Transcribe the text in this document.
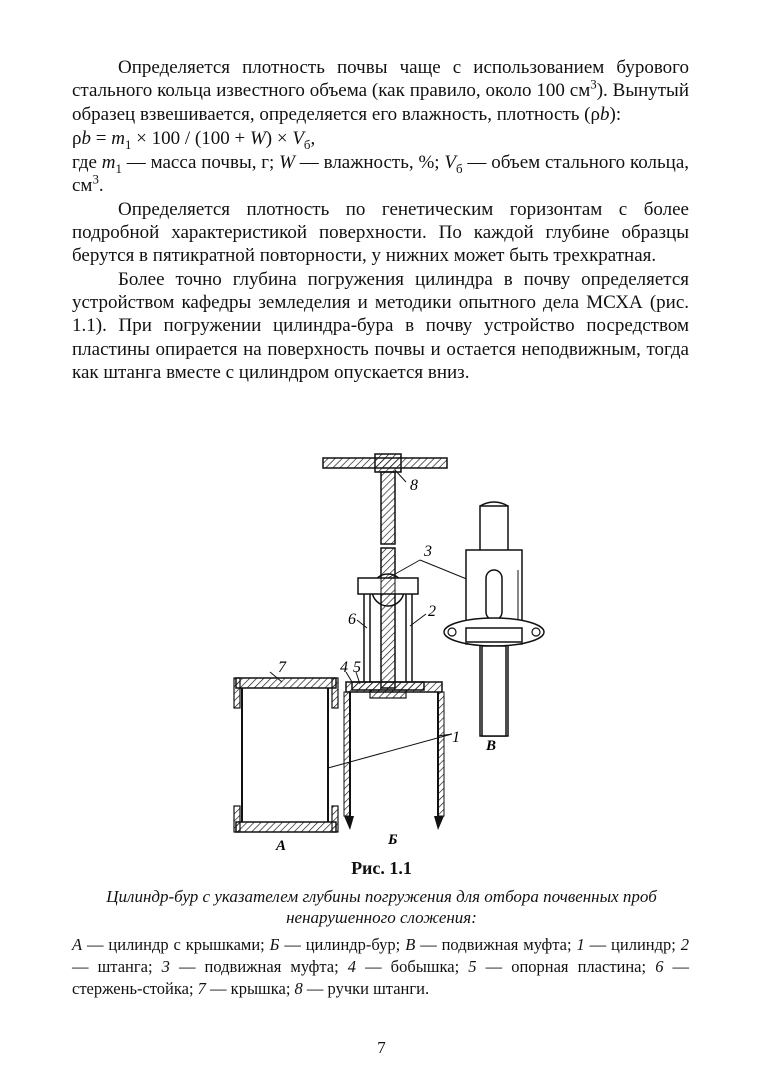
Определяется плотность почвы чаще с использованием бурового стального кольца известного объема (как правило, около 100 $см^3$). Вынутый образец взвешивается, определяется его влажность, плотность (ρb):

$\rho b = m_1 \times 100 / (100 + W) \times V_б$,

где $m_1$ — масса почвы, г; W — влажность, %; $V_б$ — объем стального кольца, $см^3$.

Определяется плотность по генетическим горизонтам с более подробной характеристикой поверхности. По каждой глубине образцы берутся в пятикратной повторности, у нижних может быть трехкратная.

Более точно глубина погружения цилиндра в почву определяется устройством кафедры земледелия и методики опытного дела МСХА (рис. 1.1). При погружении цилиндра-бура в почву устройство посредством пластины опирается на поверхность почвы и остается неподвижным, тогда как штанга вместе с цилиндром опускается вниз.

8
3
6	2
7	4 5
1
А	Б
В
Рис. 1.1
Цилиндр-бур с указателем глубины погружения для отбора почвенных проб ненарушенного сложения:
А — цилиндр с крышками; Б — цилиндр-бур; В — подвижная муфта; 1 — цилиндр; 2 — штанга; 3 — подвижная муфта; 4 — бобышка; 5 — опорная пластина; 6 — стержень-стойка; 7 — крышка; 8 — ручки штанги.
7
